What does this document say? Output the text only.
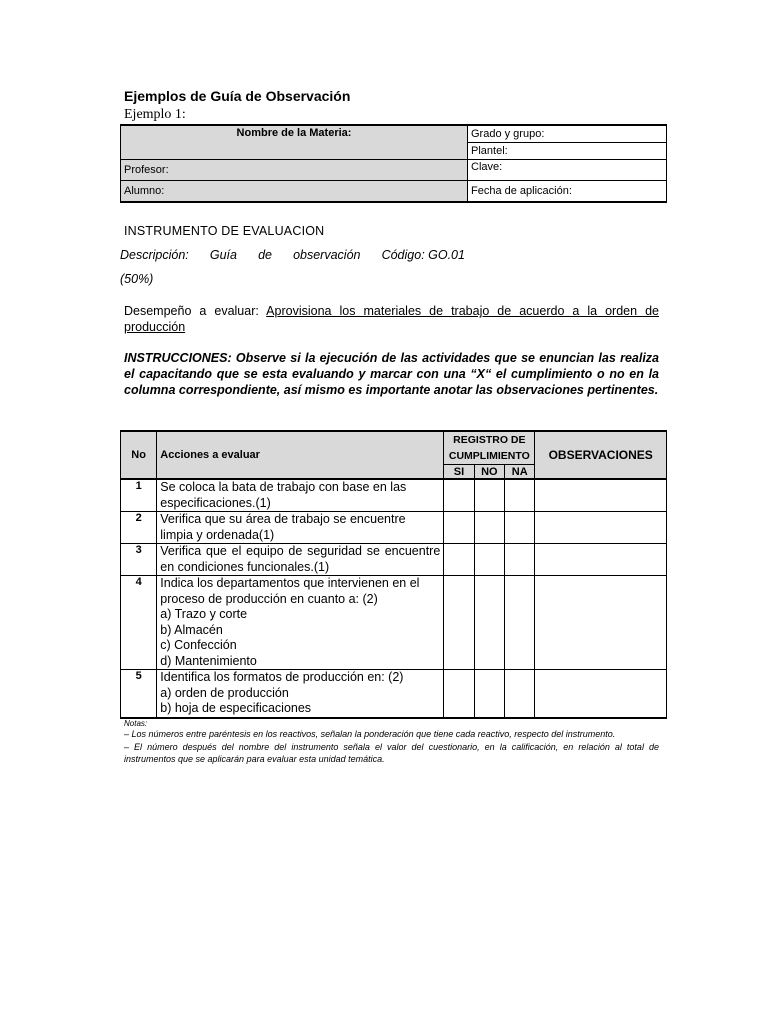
Ejemplos de Guía de Observación
Ejemplo 1:
Nombre de la Materia:	Grado y grupo:
	Plantel:
Profesor:	Clave:
Alumno:	Fecha de aplicación:
INSTRUMENTO DE EVALUACION
Descripción: Guía de observación Código: GO.01
(50%)
Desempeño a evaluar: Aprovisiona los materiales de trabajo de acuerdo a la orden de producción
INSTRUCCIONES: Observe si la ejecución de las actividades que se enuncian las realiza el capacitando que se esta evaluando y marcar con una “X“ el cumplimiento o no en la columna correspondiente, así mismo es importante anotar las observaciones pertinentes.
No	Acciones a evaluar	REGISTRO DE CUMPLIMIENTO			OBSERVACIONES
		SI	NO	NA	
1	Se coloca la bata de trabajo con base en las especificaciones.(1)				

2	Verifica que su área de trabajo se encuentre limpia y ordenada(1)				

3	Verifica que el equipo de seguridad se encuentre en condiciones funcionales.(1)				

4	Indica los departamentos que intervienen en el proceso de producción en cuanto a: (2)
a) Trazo y corte
b) Almacén
c) Confección
d) Mantenimiento				

5	Identifica los formatos de producción en: (2)
a) orden de producción
b) hoja de especificaciones				

Notas:
– Los números entre paréntesis en los reactivos, señalan la ponderación que tiene cada reactivo, respecto del instrumento.
– El número después del nombre del instrumento señala el valor del cuestionario, en la calificación, en relación al total de instrumentos que se aplicarán para evaluar esta unidad temática.
